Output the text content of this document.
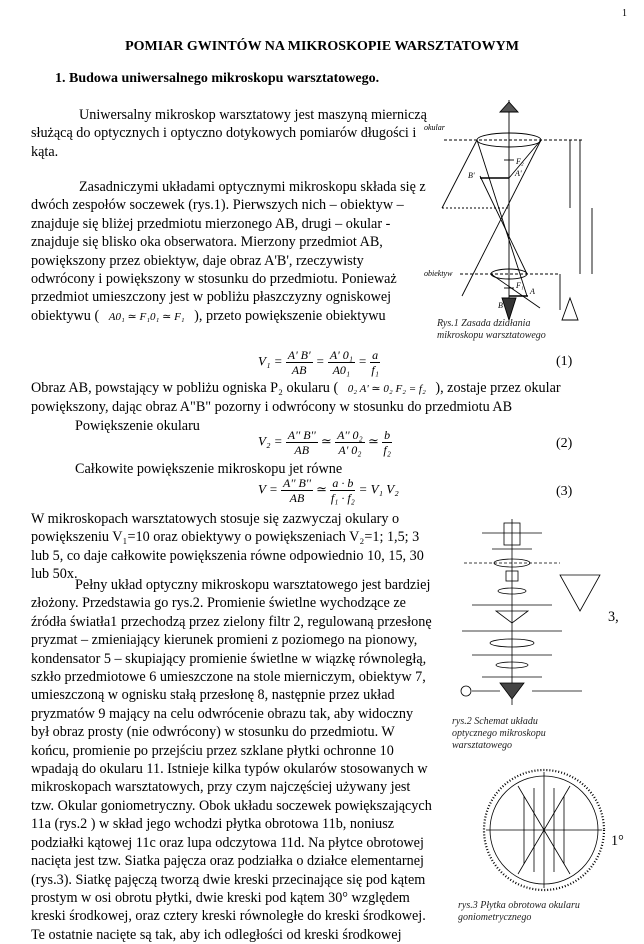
1
POMIAR GWINTÓW NA MIKROSKOPIE WARSZTATOWYM
1. Budowa uniwersalnego mikroskopu warsztatowego.
Uniwersalny mikroskop warsztatowy jest maszyną mierniczą
służącą do optycznych i optyczno dotykowych pomiarów długości i
kąta.
Zasadniczymi układami optycznymi mikroskopu składa się z
dwóch zespołów soczewek (rys.1). Pierwszych nich – obiektyw –
znajduje się bliżej przedmiotu mierzonego AB, drugi – okular -
znajduje się blisko oka obserwatora. Mierzony przedmiot AB,
powiększony przez obiektyw, daje obraz A'B', rzeczywisty
odwrócony i powiększony w stosunku do przedmiotu. Ponieważ
przedmiot umieszczony jest w pobliżu płaszczyzny ogniskowej
obiektywu ( A0₁ ≃ F₁0₁ ≃ F₁ ), przeto powiększenie obiektywu
okular
obiektyw
A'
B'
A
B
F₂
F₁
Rys.1 Zasada działania
mikroskopu warsztatowego
$V_1 = \frac{A' B'}{AB} = \frac{\text{A' 0₁}}{\text{A0₁}} = \frac{a}{\text{f₁}}$	(1)
Obraz AB, powstający w pobliżu ogniska P₂ okularu ( 0₂ A' ≃ 0₂ F₂ = f₂ ), zostaje przez okular
powiększony, dając obraz A"B" pozorny i odwrócony w stosunku do przedmiotu AB
Powiększenie okularu
$V_2 = \frac{A'' B''}{AB}$ ≃ $\frac{\text{A'' 0₂}}{\text{A' 0₂}}$ ≃ $\frac{b}{\text{f₂}}$	(2)
Całkowite powiększenie mikroskopu jet równe
$V = \frac{A'' B''}{AB}$ ≃ $\frac{a \cdot b}{\text{f₁ · f₂}} = V_1$ V₂	(3)
W mikroskopach warsztatowych stosuje się zazwyczaj okulary o
powiększeniu V₁=10 oraz obiektywy o powiększeniach V₂=1; 1,5; 3
lub 5, co daje całkowite powiększenia równe odpowiednio 10, 15, 30
lub 50x.
Pełny układ optyczny mikroskopu warsztatowego jest bardziej
złożony. Przedstawia go rys.2. Promienie świetlne wychodzące ze
źródła światła1 przechodzą przez zielony filtr 2, regulowaną przesłonę
pryzmat – zmieniający kierunek promieni z poziomego na pionowy,
kondensator 5 – skupiający promienie świetlne w wiązkę równoległą,
szkło przedmiotowe 6 umieszczone na stole mierniczym, obiektyw 7,
umieszczoną w ognisku stałą przesłonę 8, następnie przez układ
pryzmatów 9 mający na celu odwrócenie obrazu tak, aby widoczny
był obraz prosty (nie odwrócony) w stosunku do przedmiotu. W
końcu, promienie po przejściu przez szklane płytki ochronne 10
wpadają do okularu 11. Istnieje kilka typów okularów stosowanych w
mikroskopach warsztatowych, przy czym najczęściej używany jest
tzw. Okular goniometryczny. Obok układu soczewek powiększających
11a (rys.2 ) w skład jego wchodzi płytka obrotowa 11b, noniusz
podziałki kątowej 11c oraz lupa odczytowa 11d. Na płytce obrotowej
nacięta jest tzw. Siatka pajęcza oraz podziałka o działce elementarnej
(rys.3). Siatkę pajęczą tworzą dwie kreski przecinające się pod kątem
prostym w osi obrotu płytki, dwie kreski pod kątem 30° względem
kreski środkowej, oraz cztery kreski równoległe do kreski środkowej.
Te ostatnie nacięte są tak, aby ich odległości od kreski środkowej
3,
rys.2 Schemat układu
optycznego mikroskopu
warsztatowego
1°
rys.3 Płytka obrotowa okularu
goniometrycznego
